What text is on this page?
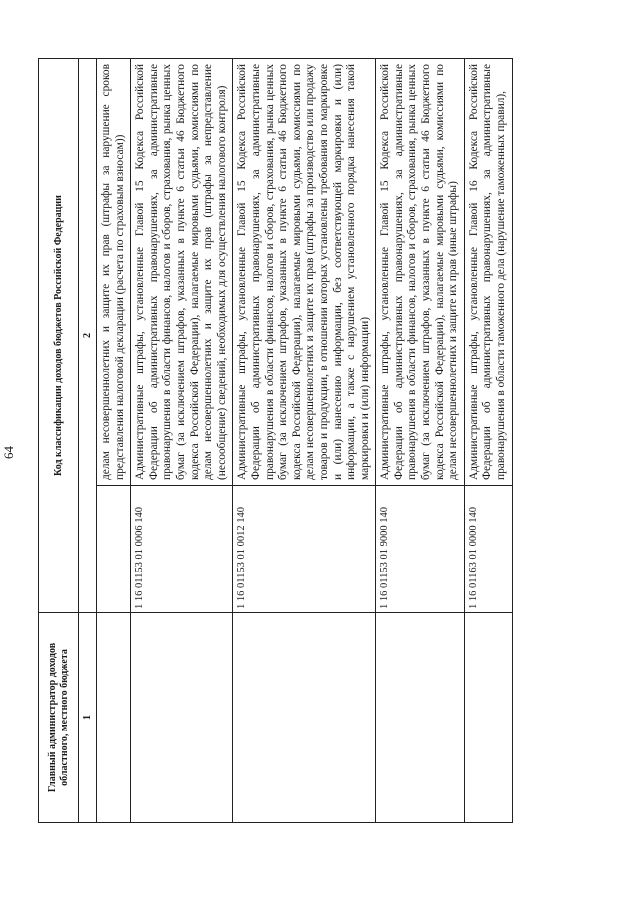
64
Главный администратор доходов областного, местного бюджета	Код классификации доходов бюджетов Российской Федерации	
1	2	
		делам несовершеннолетних и защите их прав (штрафы за нарушение сроков представления налоговой декларации (расчета по страховым взносам))
	1 16 01153 01 0006 140	Административные штрафы, установленные Главой 15 Кодекса Российской Федерации об административных правонарушениях, за административные правонарушения в области финансов, налогов и сборов, страхования, рынка ценных бумаг (за исключением штрафов, указанных в пункте 6 статьи 46 Бюджетного кодекса Российской Федерации), налагаемые мировыми судьями, комиссиями по делам несовершеннолетних и защите их прав (штрафы за непредставление (несообщение) сведений, необходимых для осуществления налогового контроля)
	1 16 01153 01 0012 140	Административные штрафы, установленные Главой 15 Кодекса Российской Федерации об административных правонарушениях, за административные правонарушения в области финансов, налогов и сборов, страхования, рынка ценных бумаг (за исключением штрафов, указанных в пункте 6 статьи 46 Бюджетного кодекса Российской Федерации), налагаемые мировыми судьями, комиссиями по делам несовершеннолетних и защите их прав (штрафы за производство или продажу товаров и продукции, в отношении которых установлены требования по маркировке и (или) нанесению информации, без соответствующей маркировки и (или) информации, а также с нарушением установленного порядка нанесения такой маркировки и (или) информации)
	1 16 01153 01 9000 140	Административные штрафы, установленные Главой 15 Кодекса Российской Федерации об административных правонарушениях, за административные правонарушения в области финансов, налогов и сборов, страхования, рынка ценных бумаг (за исключением штрафов, указанных в пункте 6 статьи 46 Бюджетного кодекса Российской Федерации), налагаемые мировыми судьями, комиссиями по делам несовершеннолетних и защите их прав (иные штрафы)
	1 16 01163 01 0000 140	Административные штрафы, установленные Главой 16 Кодекса Российской Федерации об административных правонарушениях, за административные правонарушения в области таможенного дела (нарушение таможенных правил),
